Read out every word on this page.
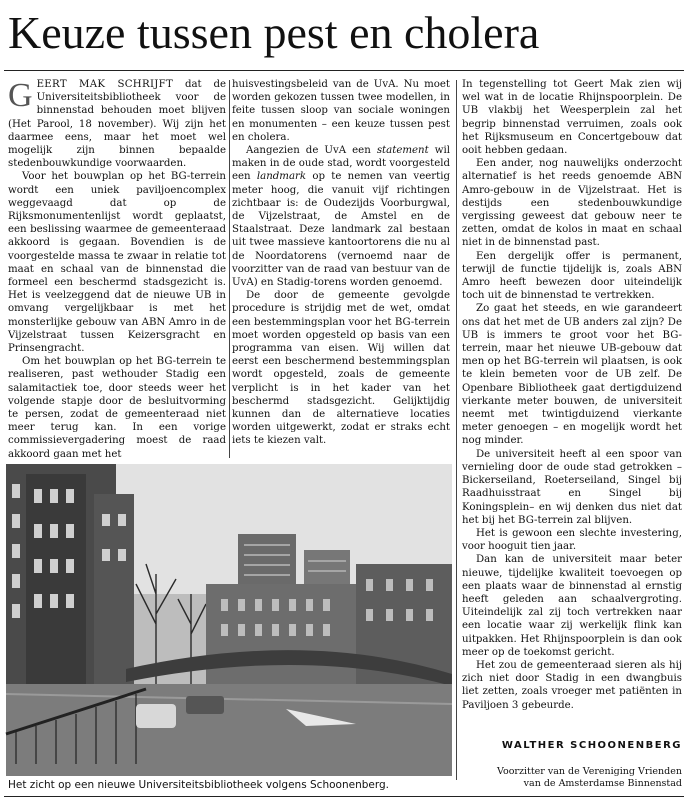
Keuze tussen pest en cholera

GEERT MAK SCHRIJFT dat de Universiteitsbibliotheek voor de binnenstad behouden moet blijven (Het Parool, 18 november). Wij zijn het daarmee eens, maar het moet wel mogelijk zijn binnen bepaalde stedenbouwkundige voorwaarden.

Voor het bouwplan op het BG-terrein wordt een uniek paviljoencomplex weggevaagd dat op de Rijksmonumentenlijst wordt geplaatst, een beslissing waarmee de gemeenteraad akkoord is gegaan. Bovendien is de voorgestelde massa te zwaar in relatie tot maat en schaal van de binnenstad die formeel een beschermd stadsgezicht is. Het is veelzeggend dat de nieuwe UB in omvang vergelijkbaar is met het monsterlijke gebouw van ABN Amro in de Vijzelstraat tussen Keizersgracht en Prinsengracht.

Om het bouwplan op het BG-terrein te realiseren, past wethouder Stadig een salamitactiek toe, door steeds weer het volgende stapje door de besluitvorming te persen, zodat de gemeenteraad niet meer terug kan. In een vorige commissievergadering moest de raad akkoord gaan met het

huisvestingsbeleid van de UvA. Nu moet worden gekozen tussen twee modellen, in feite tussen sloop van sociale woningen en monumenten – een keuze tussen pest en cholera.

Aangezien de UvA een statement wil maken in de oude stad, wordt voorgesteld een landmark op te nemen van veertig meter hoog, die vanuit vijf richtingen zichtbaar is: de Oudezijds Voorburgwal, de Vijzelstraat, de Amstel en de Staalstraat. Deze landmark zal bestaan uit twee massieve kantoortorens die nu al de Noordatorens (vernoemd naar de voorzitter van de raad van bestuur van de UvA) en Stadig-torens worden genoemd.

De door de gemeente gevolgde procedure is strijdig met de wet, omdat een bestemmingsplan voor het BG-terrein moet worden opgesteld op basis van een programma van eisen. Wij willen dat eerst een beschermend bestemmingsplan wordt opgesteld, zoals de gemeente verplicht is in het kader van het beschermd stadsgezicht. Gelijktijdig kunnen dan de alternatieve locaties worden uitgewerkt, zodat er straks echt iets te kiezen valt.

In tegenstelling tot Geert Mak zien wij wel wat in de locatie Rhijnspoorplein. De UB vlakbij het Weesperplein zal het begrip binnenstad verruimen, zoals ook het Rijksmuseum en Concertgebouw dat ooit hebben gedaan.

Een ander, nog nauwelijks onderzocht alternatief is het reeds genoemde ABN Amro-gebouw in de Vijzelstraat. Het is destijds een stedenbouwkundige vergissing geweest dat gebouw neer te zetten, omdat de kolos in maat en schaal niet in de binnenstad past.

Een dergelijk offer is permanent, terwijl de functie tijdelijk is, zoals ABN Amro heeft bewezen door uiteindelijk toch uit de binnenstad te vertrekken.

Zo gaat het steeds, en wie garandeert ons dat het met de UB anders zal zijn? De UB is immers te groot voor het BG-terrein, maar het nieuwe UB-gebouw dat men op het BG-terrein wil plaatsen, is ook te klein bemeten voor de UB zelf. De Openbare Bibliotheek gaat dertigduizend vierkante meter bouwen, de universiteit neemt met twintigduizend vierkante meter genoegen – en mogelijk wordt het nog minder.

De universiteit heeft al een spoor van vernieling door de oude stad getrokken –Bickerseiland, Roeterseiland, Singel bij Raadhuisstraat en Singel bij Koningsplein– en wij denken dus niet dat het bij het BG-terrein zal blijven.

Het is gewoon een slechte investering, voor hooguit tien jaar.

Dan kan de universiteit maar beter nieuwe, tijdelijke kwaliteit toevoegen op een plaats waar de binnenstad al ernstig heeft geleden aan schaalvergroting. Uiteindelijk zal zij toch vertrekken naar een locatie waar zij werkelijk flink kan uitpakken. Het Rhijnspoorplein is dan ook meer op de toekomst gericht.

Het zou de gemeenteraad sieren als hij zich niet door Stadig in een dwangbuis liet zetten, zoals vroeger met patiënten in Paviljoen 3 gebeurde.

Het zicht op een nieuwe Universiteitsbibliotheek volgens Schoonenberg.
WALTHER SCHOONENBERG
Voorzitter van de Vereniging Vrienden
van de Amsterdamse Binnenstad
